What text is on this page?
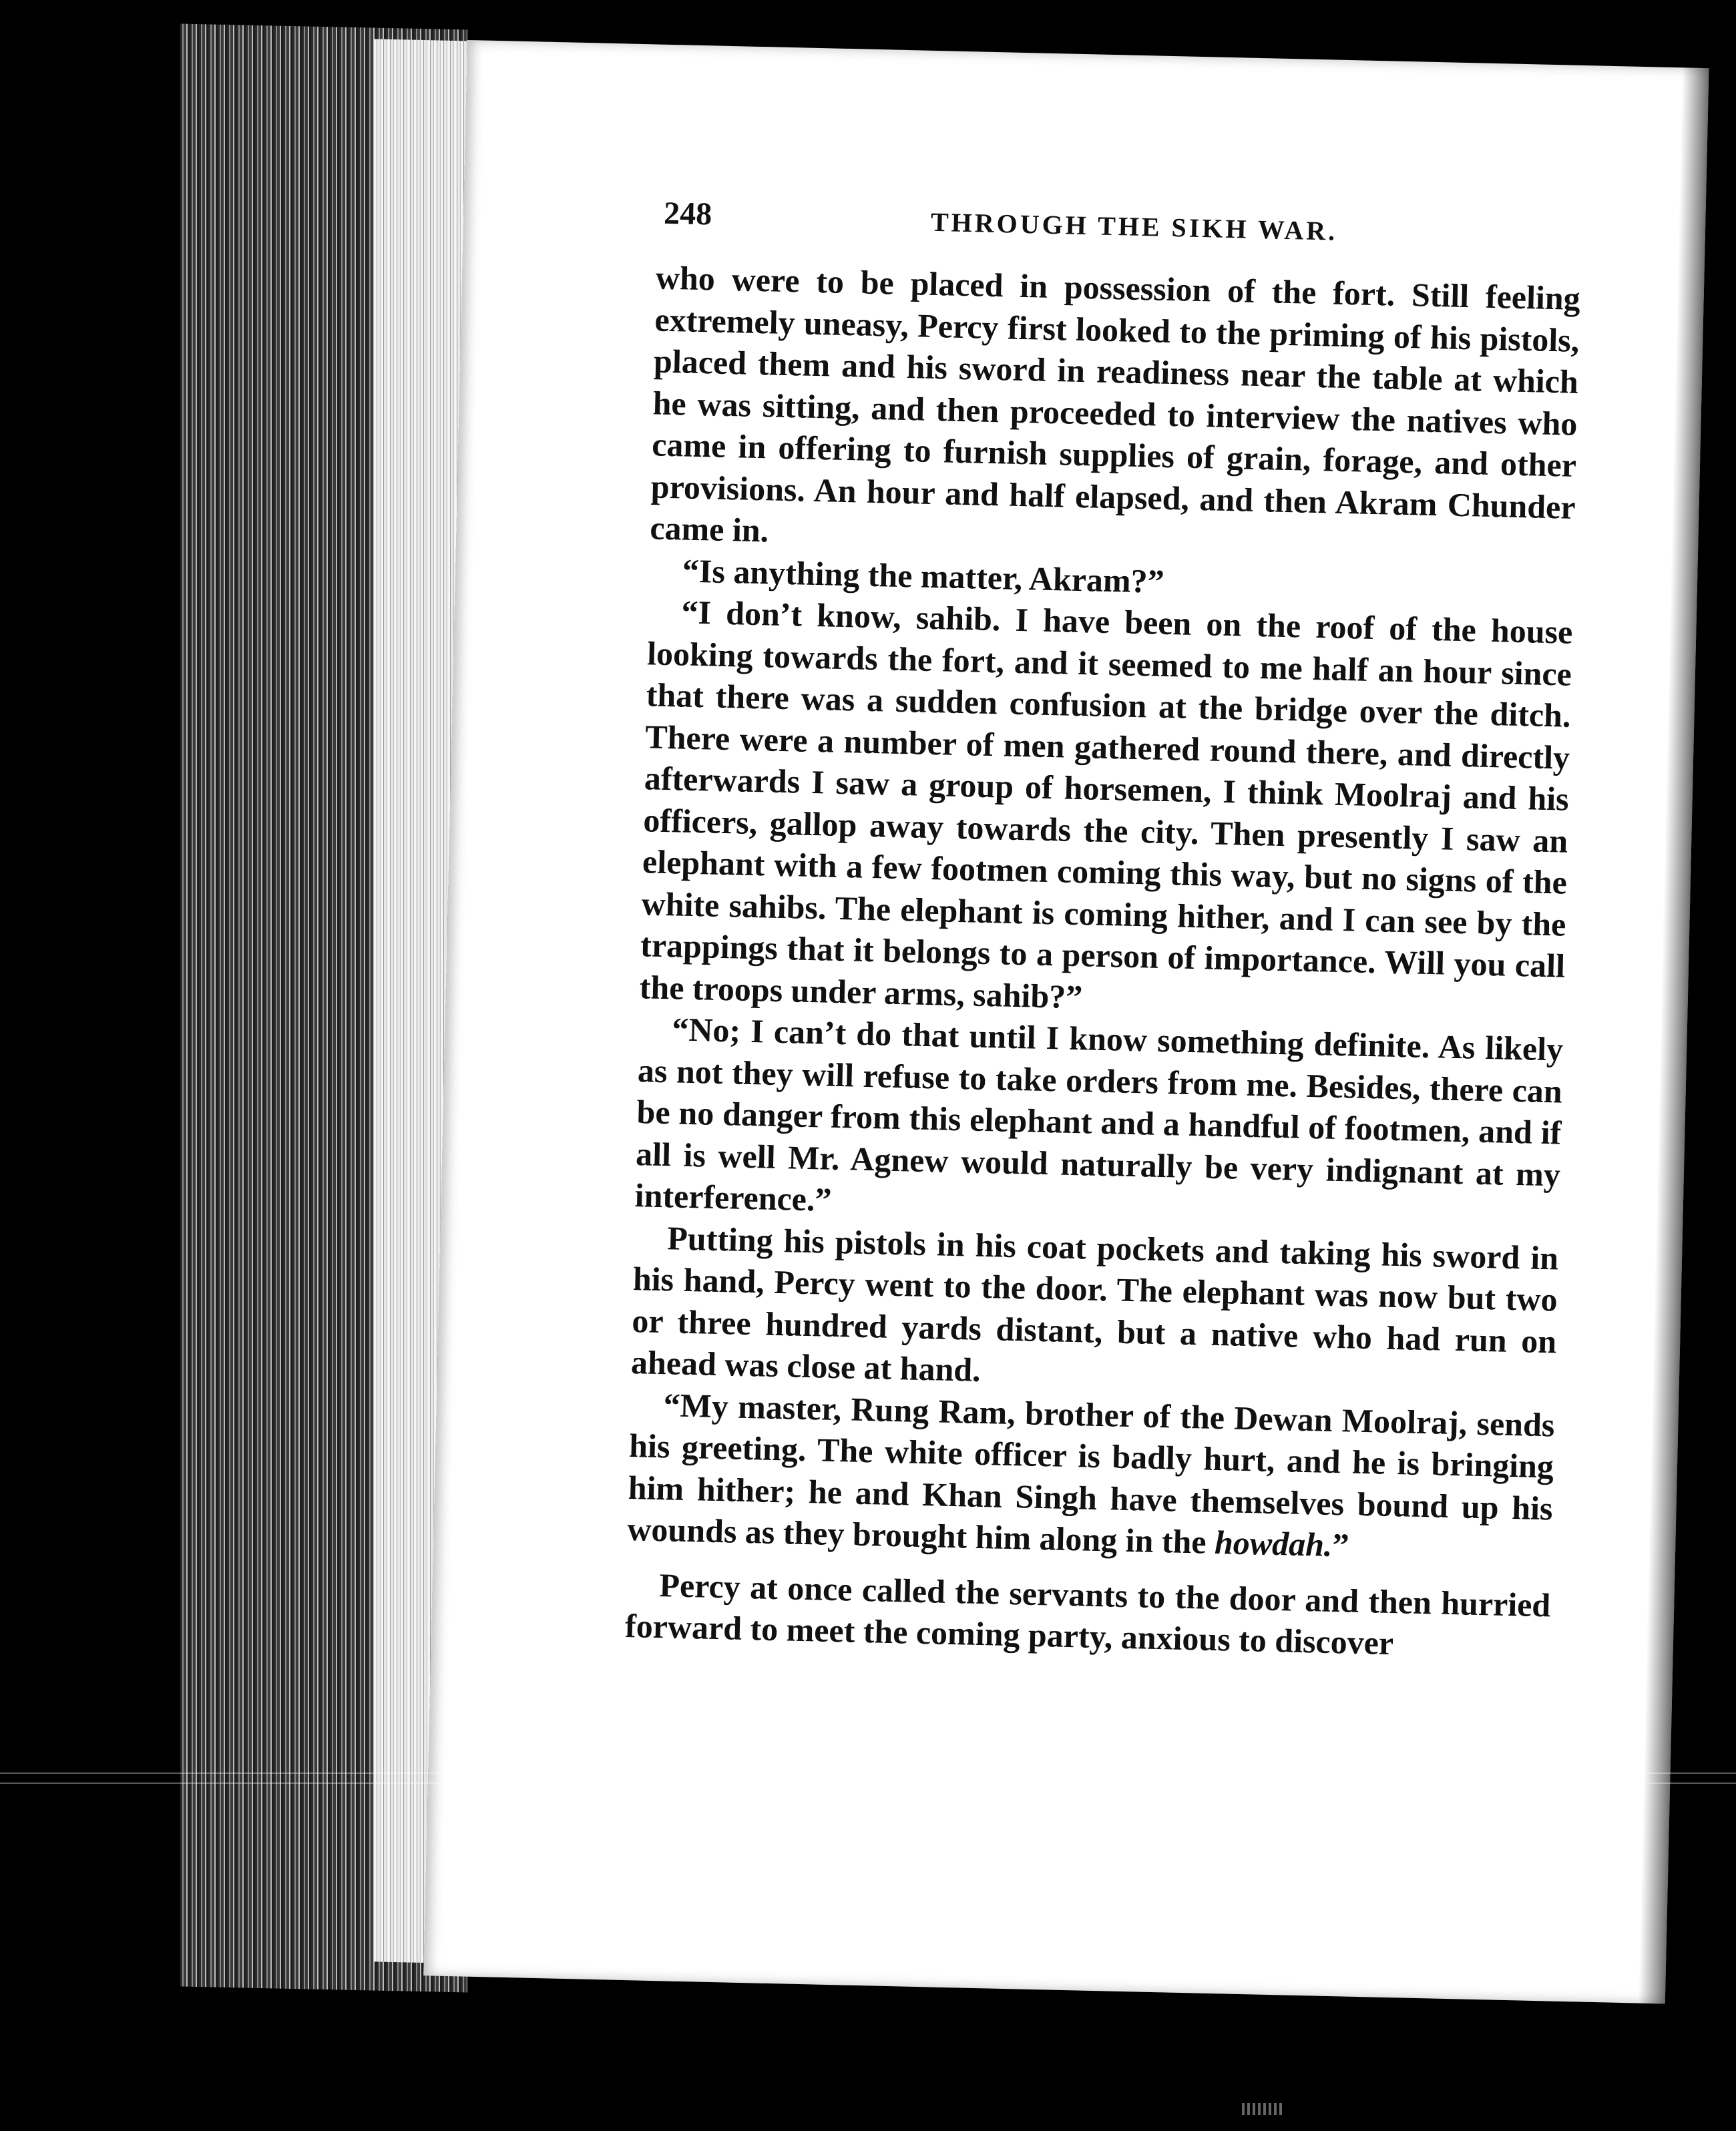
248	THROUGH THE SIKH WAR.

who were to be placed in possession of the fort. Still feeling extremely uneasy, Percy first looked to the priming of his pistols, placed them and his sword in readiness near the table at which he was sitting, and then proceeded to interview the natives who came in offering to furnish supplies of grain, forage, and other provisions. An hour and half elapsed, and then Akram Chunder came in.

“Is anything the matter, Akram?”

“I don’t know, sahib. I have been on the roof of the house looking towards the fort, and it seemed to me half an hour since that there was a sudden confusion at the bridge over the ditch. There were a number of men gathered round there, and directly afterwards I saw a group of horsemen, I think Moolraj and his officers, gallop away towards the city. Then presently I saw an elephant with a few footmen coming this way, but no signs of the white sahibs. The elephant is coming hither, and I can see by the trappings that it belongs to a person of importance. Will you call the troops under arms, sahib?”

“No; I can’t do that until I know something definite. As likely as not they will refuse to take orders from me. Besides, there can be no danger from this elephant and a handful of footmen, and if all is well Mr. Agnew would naturally be very indignant at my interference.”

Putting his pistols in his coat pockets and taking his sword in his hand, Percy went to the door. The elephant was now but two or three hundred yards distant, but a native who had run on ahead was close at hand.

“My master, Rung Ram, brother of the Dewan Moolraj, sends his greeting. The white officer is badly hurt, and he is bringing him hither; he and Khan Singh have themselves bound up his wounds as they brought him along in the howdah.”

Percy at once called the servants to the door and then hurried forward to meet the coming party, anxious to discover
